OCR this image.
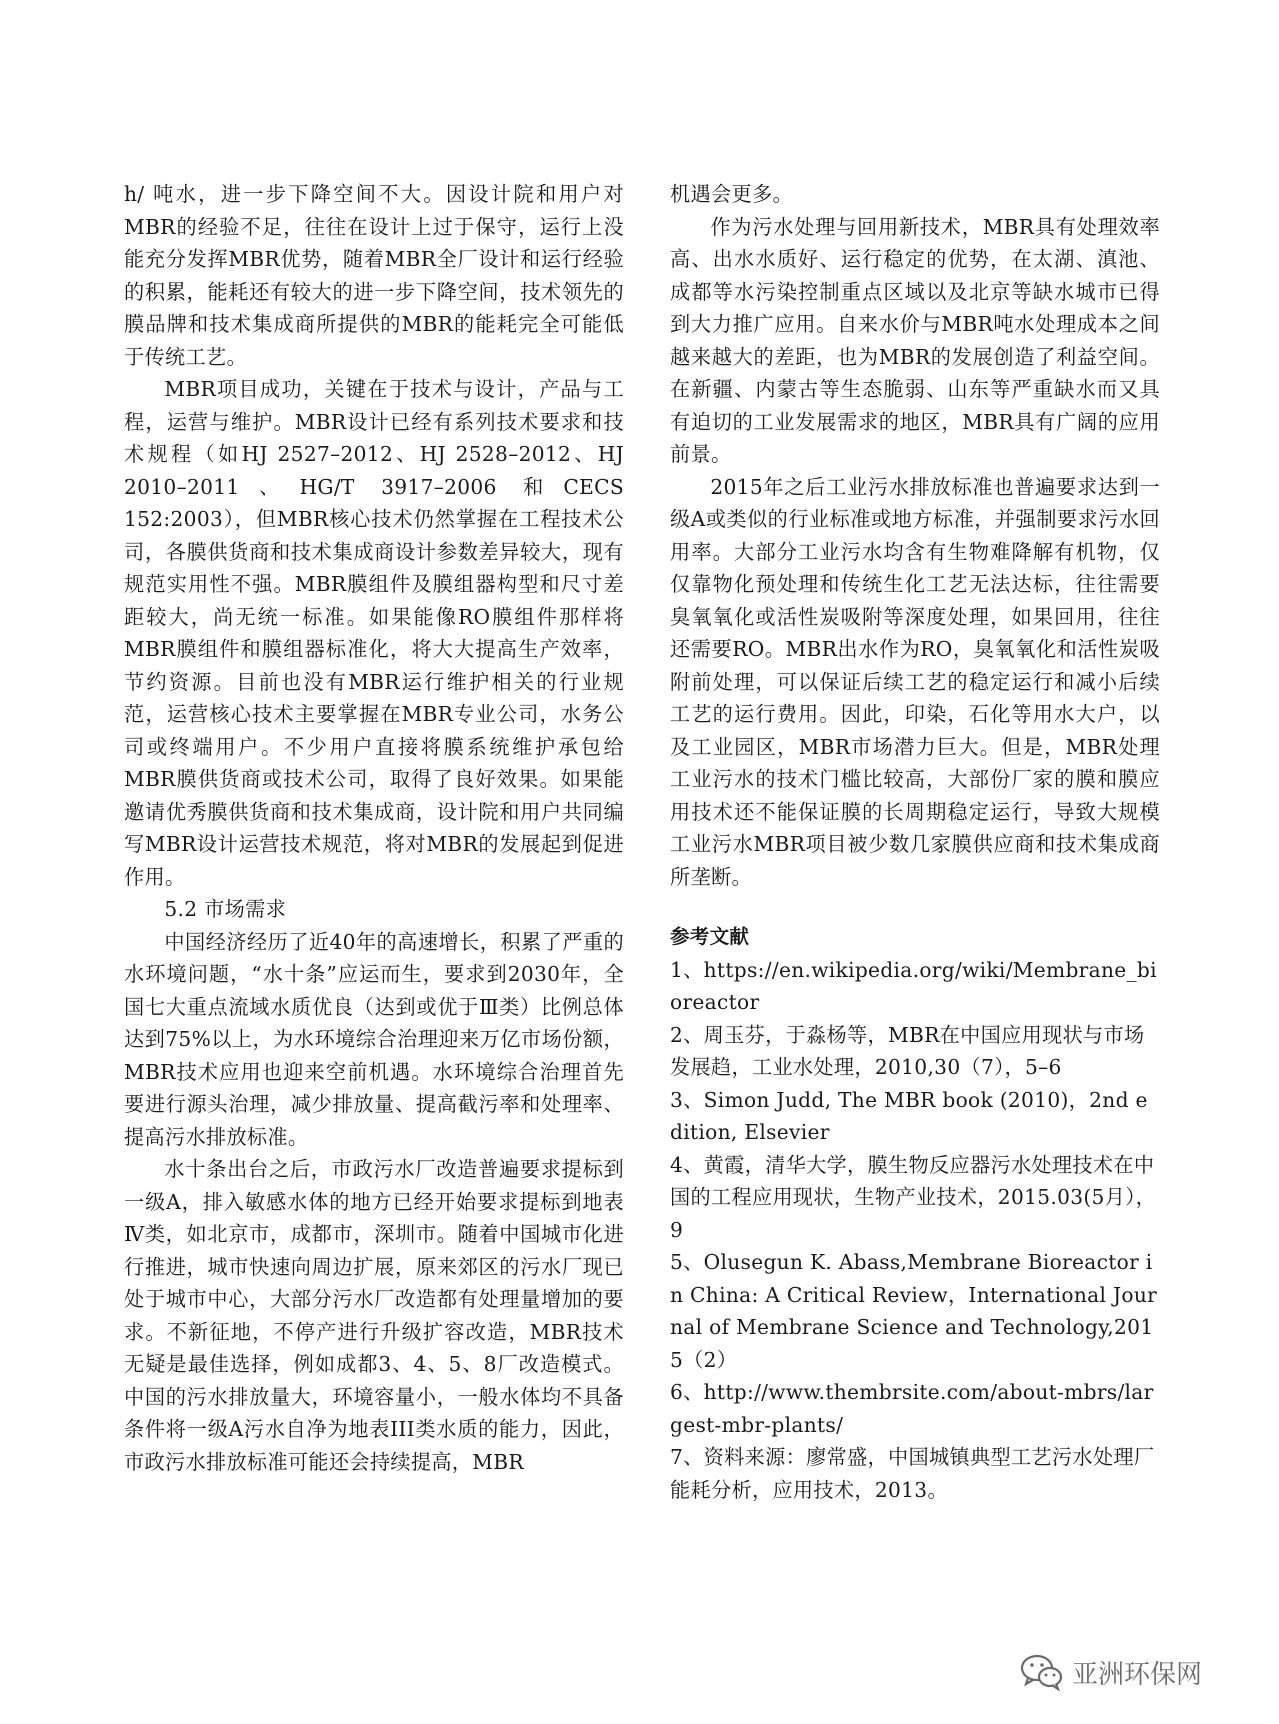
h/ 吨水，进一步下降空间不大。因设计院和用户对MBR的经验不足，往往在设计上过于保守，运行上没能充分发挥MBR优势，随着MBR全厂设计和运行经验的积累，能耗还有较大的进一步下降空间，技术领先的膜品牌和技术集成商所提供的MBR的能耗完全可能低于传统工艺。

MBR项目成功，关键在于技术与设计，产品与工程，运营与维护。MBR设计已经有系列技术要求和技术规程（如HJ 2527–2012、HJ 2528–2012、HJ 2010–2011、HG/T 3917–2006 和CECS 152:2003），但MBR核心技术仍然掌握在工程技术公司，各膜供货商和技术集成商设计参数差异较大，现有规范实用性不强。MBR膜组件及膜组器构型和尺寸差距较大，尚无统一标准。如果能像RO膜组件那样将MBR膜组件和膜组器标准化，将大大提高生产效率，节约资源。目前也没有MBR运行维护相关的行业规范，运营核心技术主要掌握在MBR专业公司，水务公司或终端用户。不少用户直接将膜系统维护承包给MBR膜供货商或技术公司，取得了良好效果。如果能邀请优秀膜供货商和技术集成商，设计院和用户共同编写MBR设计运营技术规范，将对MBR的发展起到促进作用。

5.2 市场需求

中国经济经历了近40年的高速增长，积累了严重的水环境问题，“水十条”应运而生，要求到2030年，全国七大重点流域水质优良（达到或优于Ⅲ类）比例总体达到75%以上，为水环境综合治理迎来万亿市场份额，MBR技术应用也迎来空前机遇。水环境综合治理首先要进行源头治理，减少排放量、提高截污率和处理率、提高污水排放标准。

水十条出台之后，市政污水厂改造普遍要求提标到一级A，排入敏感水体的地方已经开始要求提标到地表Ⅳ类，如北京市，成都市，深圳市。随着中国城市化进行推进，城市快速向周边扩展，原来郊区的污水厂现已处于城市中心，大部分污水厂改造都有处理量增加的要求。不新征地，不停产进行升级扩容改造，MBR技术无疑是最佳选择，例如成都3、4、5、8厂改造模式。中国的污水排放量大，环境容量小，一般水体均不具备条件将一级A污水自净为地表III类水质的能力，因此，市政污水排放标准可能还会持续提高，MBR

机遇会更多。

作为污水处理与回用新技术，MBR具有处理效率高、出水水质好、运行稳定的优势，在太湖、滇池、成都等水污染控制重点区域以及北京等缺水城市已得到大力推广应用。自来水价与MBR吨水处理成本之间越来越大的差距，也为MBR的发展创造了利益空间。在新疆、内蒙古等生态脆弱、山东等严重缺水而又具有迫切的工业发展需求的地区，MBR具有广阔的应用前景。

2015年之后工业污水排放标准也普遍要求达到一级A或类似的行业标准或地方标准，并强制要求污水回用率。大部分工业污水均含有生物难降解有机物，仅仅靠物化预处理和传统生化工艺无法达标，往往需要臭氧氧化或活性炭吸附等深度处理，如果回用，往往还需要RO。MBR出水作为RO，臭氧氧化和活性炭吸附前处理，可以保证后续工艺的稳定运行和减小后续工艺的运行费用。因此，印染，石化等用水大户，以及工业园区，MBR市场潜力巨大。但是，MBR处理工业污水的技术门槛比较高，大部份厂家的膜和膜应用技术还不能保证膜的长周期稳定运行，导致大规模工业污水MBR项目被少数几家膜供应商和技术集成商所垄断。

参考文献

1、https://en.wikipedia.org/wiki/Membrane_bioreactor

2、周玉芬，于淼杨等，MBR在中国应用现状与市场发展趋，工业水处理，2010,30（7），5–6

3、Simon Judd, The MBR book (2010)，2nd edition, Elsevier

4、黄霞，清华大学，膜生物反应器污水处理技术在中国的工程应用现状，生物产业技术，2015.03(5月），9

5、Olusegun K. Abass,Membrane Bioreactor in China: A Critical Review，International Journal of Membrane Science and Technology,2015（2）

6、http://www.thembrsite.com/about-mbrs/largest-mbr-plants/

7、资料来源：廖常盛，中国城镇典型工艺污水处理厂能耗分析，应用技术，2013。

亚洲环保网
